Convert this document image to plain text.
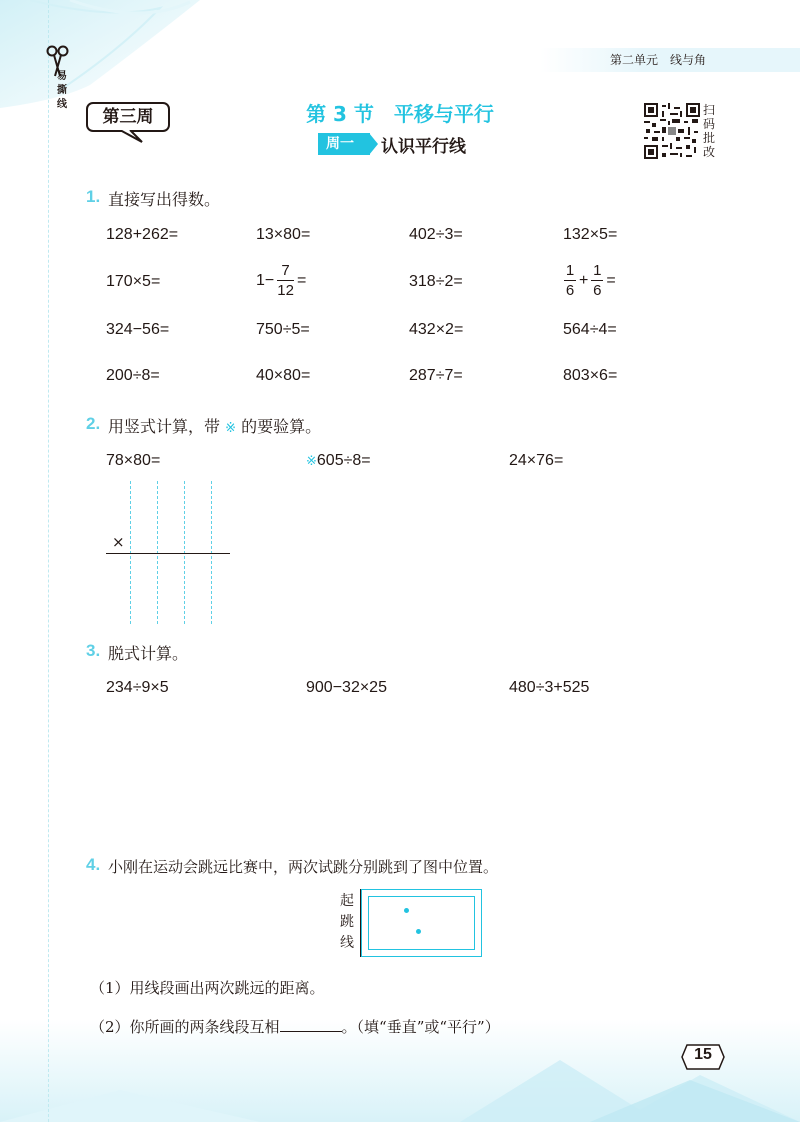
第二单元　线与角
易撕线
第三周	第 3 节　平移与平行
周一	认识平行线
扫码批改
1. 直接写出得数。
128+262=	13×80=	402÷3=	132×5=
170×5=	$1- \frac{7}{12}$ =	318÷2=	$\frac{1}{6} + \frac{1}{6}$ =
324−56=	750÷5=	432×2=	564÷4=
200÷8=	40×80=	287÷7=	803×6=
2. 用竖式计算，带 ※ 的要验算。
78×80=	※605÷8=	24×76=
×
3. 脱式计算。
234÷9×5	900−32×25	480÷3+525
4. 小刚在运动会跳远比赛中，两次试跳分别跳到了图中位置。
起
跳
线
（1）用线段画出两次跳远的距离。
（2）你所画的两条线段互相	。（填“垂直”或“平行”）
15
